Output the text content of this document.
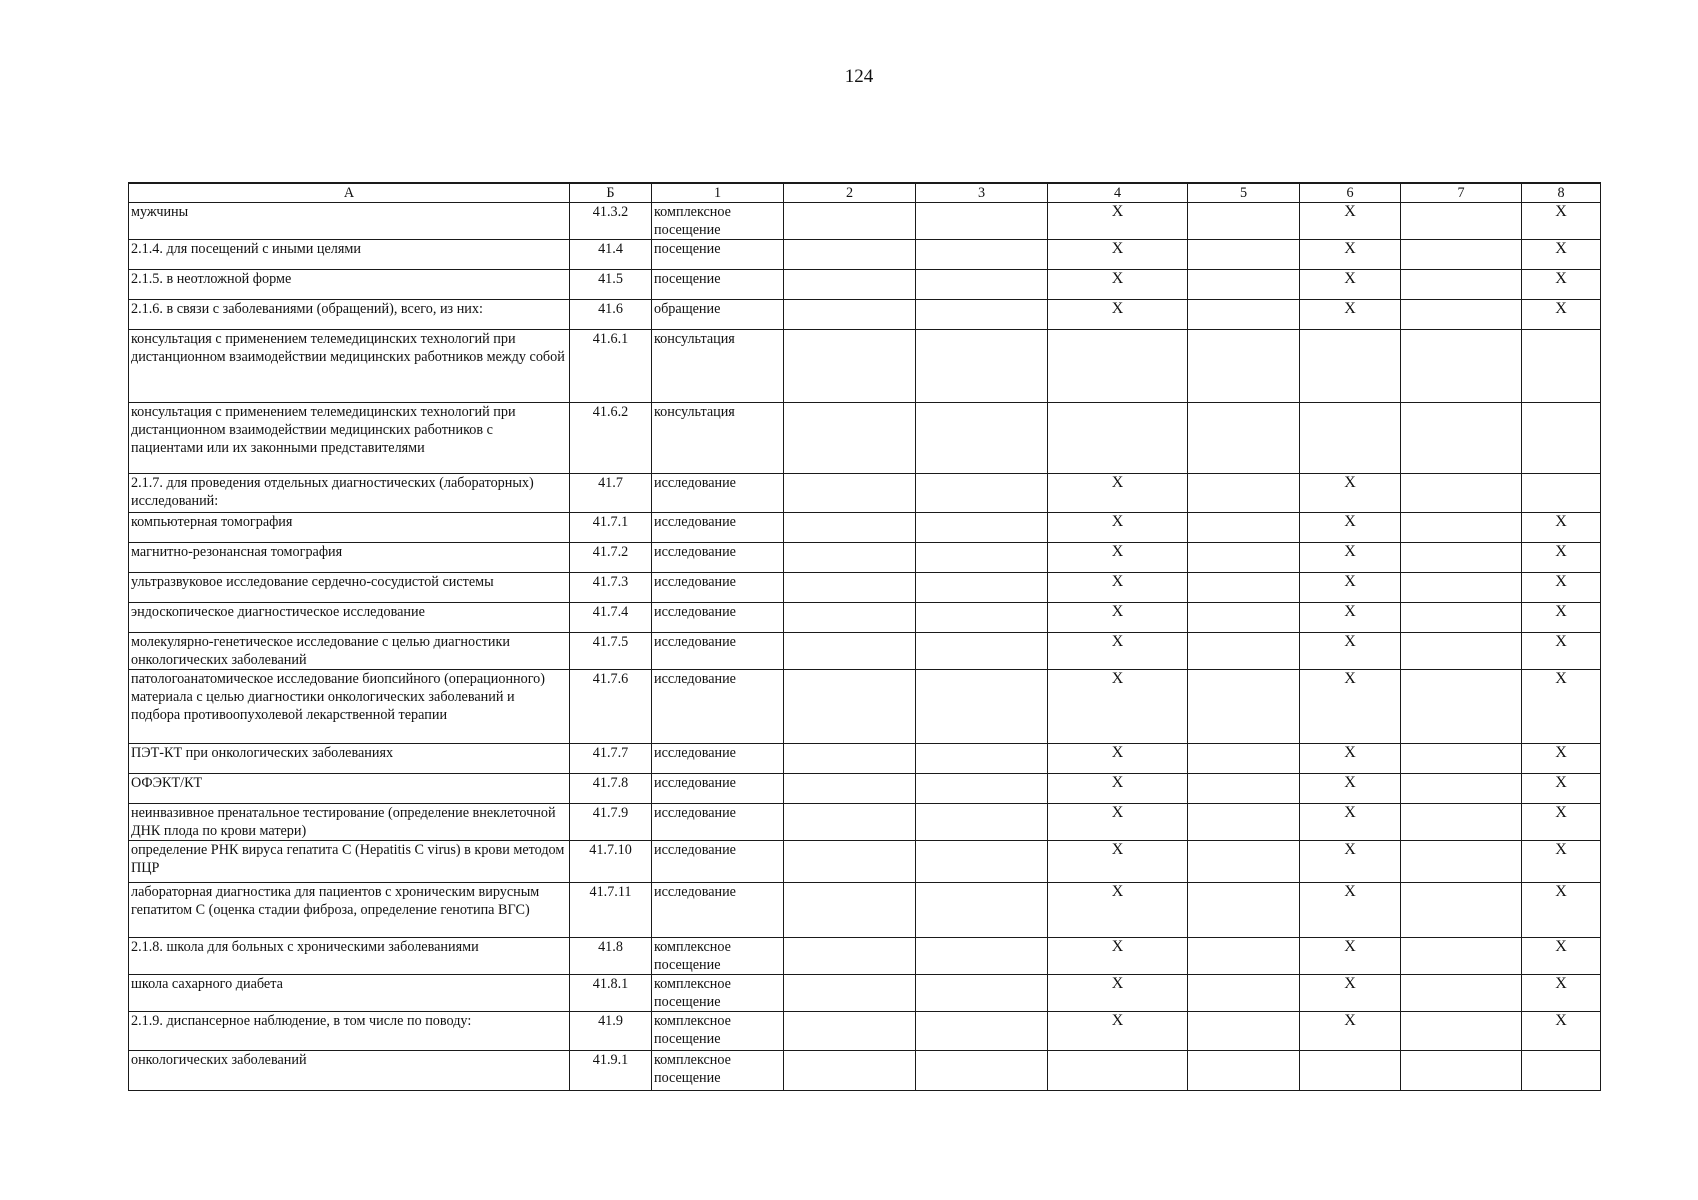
124
А	Б	1	2	3	4	5	6	7	8
мужчины	41.3.2	комплексное посещение			X		X		X
2.1.4. для посещений с иными целями	41.4	посещение			X		X		X
2.1.5. в неотложной форме	41.5	посещение			X		X		X
2.1.6. в связи с заболеваниями (обращений), всего, из них:	41.6	обращение			X		X		X
консультация с применением телемедицинских технологий при дистанционном взаимодействии медицинских работников между собой	41.6.1	консультация							
консультация с применением телемедицинских технологий при дистанционном взаимодействии медицинских работников с пациентами или их законными представителями	41.6.2	консультация							
2.1.7. для проведения отдельных диагностических (лабораторных) исследований:	41.7	исследование			X		X		
компьютерная томография	41.7.1	исследование			X		X		X
магнитно-резонансная томография	41.7.2	исследование			X		X		X
ультразвуковое исследование сердечно-сосудистой системы	41.7.3	исследование			X		X		X
эндоскопическое диагностическое исследование	41.7.4	исследование			X		X		X
молекулярно-генетическое исследование с целью диагностики онкологических заболеваний	41.7.5	исследование			X		X		X
патологоанатомическое исследование биопсийного (операционного) материала с целью диагностики онкологических заболеваний и подбора противоопухолевой лекарственной терапии	41.7.6	исследование			X		X		X
ПЭТ-КТ при онкологических заболеваниях	41.7.7	исследование			X		X		X
ОФЭКТ/КТ	41.7.8	исследование			X		X		X
неинвазивное пренатальное тестирование (определение внеклеточной ДНК плода по крови матери)	41.7.9	исследование			X		X		X
определение РНК вируса гепатита С (Hepatitis C virus) в крови методом ПЦР	41.7.10	исследование			X		X		X
лабораторная диагностика для пациентов с хроническим вирусным гепатитом С (оценка стадии фиброза, определение генотипа ВГС)	41.7.11	исследование			X		X		X
2.1.8. школа для больных с хроническими заболеваниями	41.8	комплексное посещение			X		X		X
школа сахарного диабета	41.8.1	комплексное посещение			X		X		X
2.1.9. диспансерное наблюдение, в том числе по поводу:	41.9	комплексное посещение			X		X		X
онкологических заболеваний	41.9.1	комплексное посещение							
